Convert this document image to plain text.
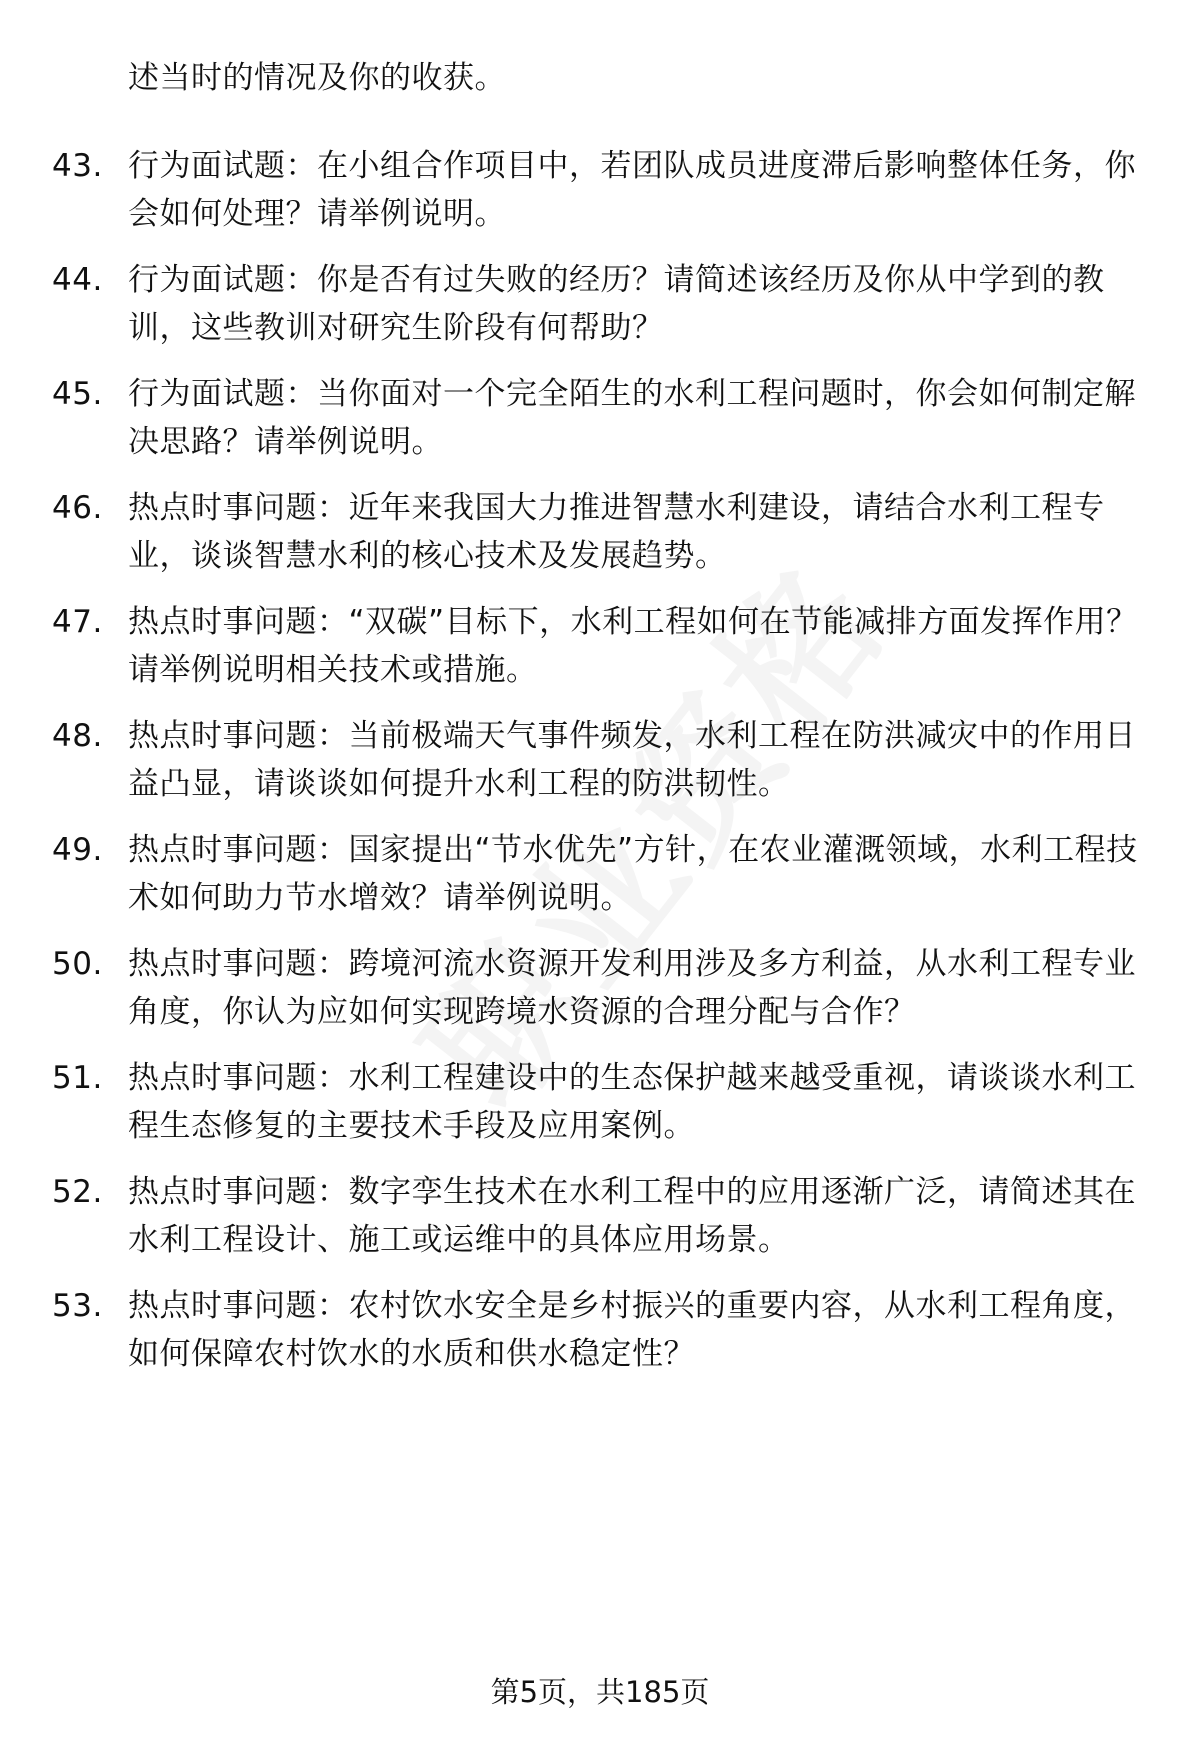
述当时的情况及你的收获。
43. 行为面试题：在小组合作项目中，若团队成员进度滞后影响整体任务，你会如何处理？请举例说明。
44. 行为面试题：你是否有过失败的经历？请简述该经历及你从中学到的教训，这些教训对研究生阶段有何帮助？
45. 行为面试题：当你面对一个完全陌生的水利工程问题时，你会如何制定解决思路？请举例说明。
46. 热点时事问题：近年来我国大力推进智慧水利建设，请结合水利工程专业，谈谈智慧水利的核心技术及发展趋势。
47. 热点时事问题：“双碳”目标下，水利工程如何在节能减排方面发挥作用？请举例说明相关技术或措施。
48. 热点时事问题：当前极端天气事件频发，水利工程在防洪减灾中的作用日益凸显，请谈谈如何提升水利工程的防洪韧性。
49. 热点时事问题：国家提出“节水优先”方针，在农业灌溉领域，水利工程技术如何助力节水增效？请举例说明。
50. 热点时事问题：跨境河流水资源开发利用涉及多方利益，从水利工程专业角度，你认为应如何实现跨境水资源的合理分配与合作？
51. 热点时事问题：水利工程建设中的生态保护越来越受重视，请谈谈水利工程生态修复的主要技术手段及应用案例。
52. 热点时事问题：数字孪生技术在水利工程中的应用逐渐广泛，请简述其在水利工程设计、施工或运维中的具体应用场景。
53. 热点时事问题：农村饮水安全是乡村振兴的重要内容，从水利工程角度，如何保障农村饮水的水质和供水稳定性？
第5页，共185页
